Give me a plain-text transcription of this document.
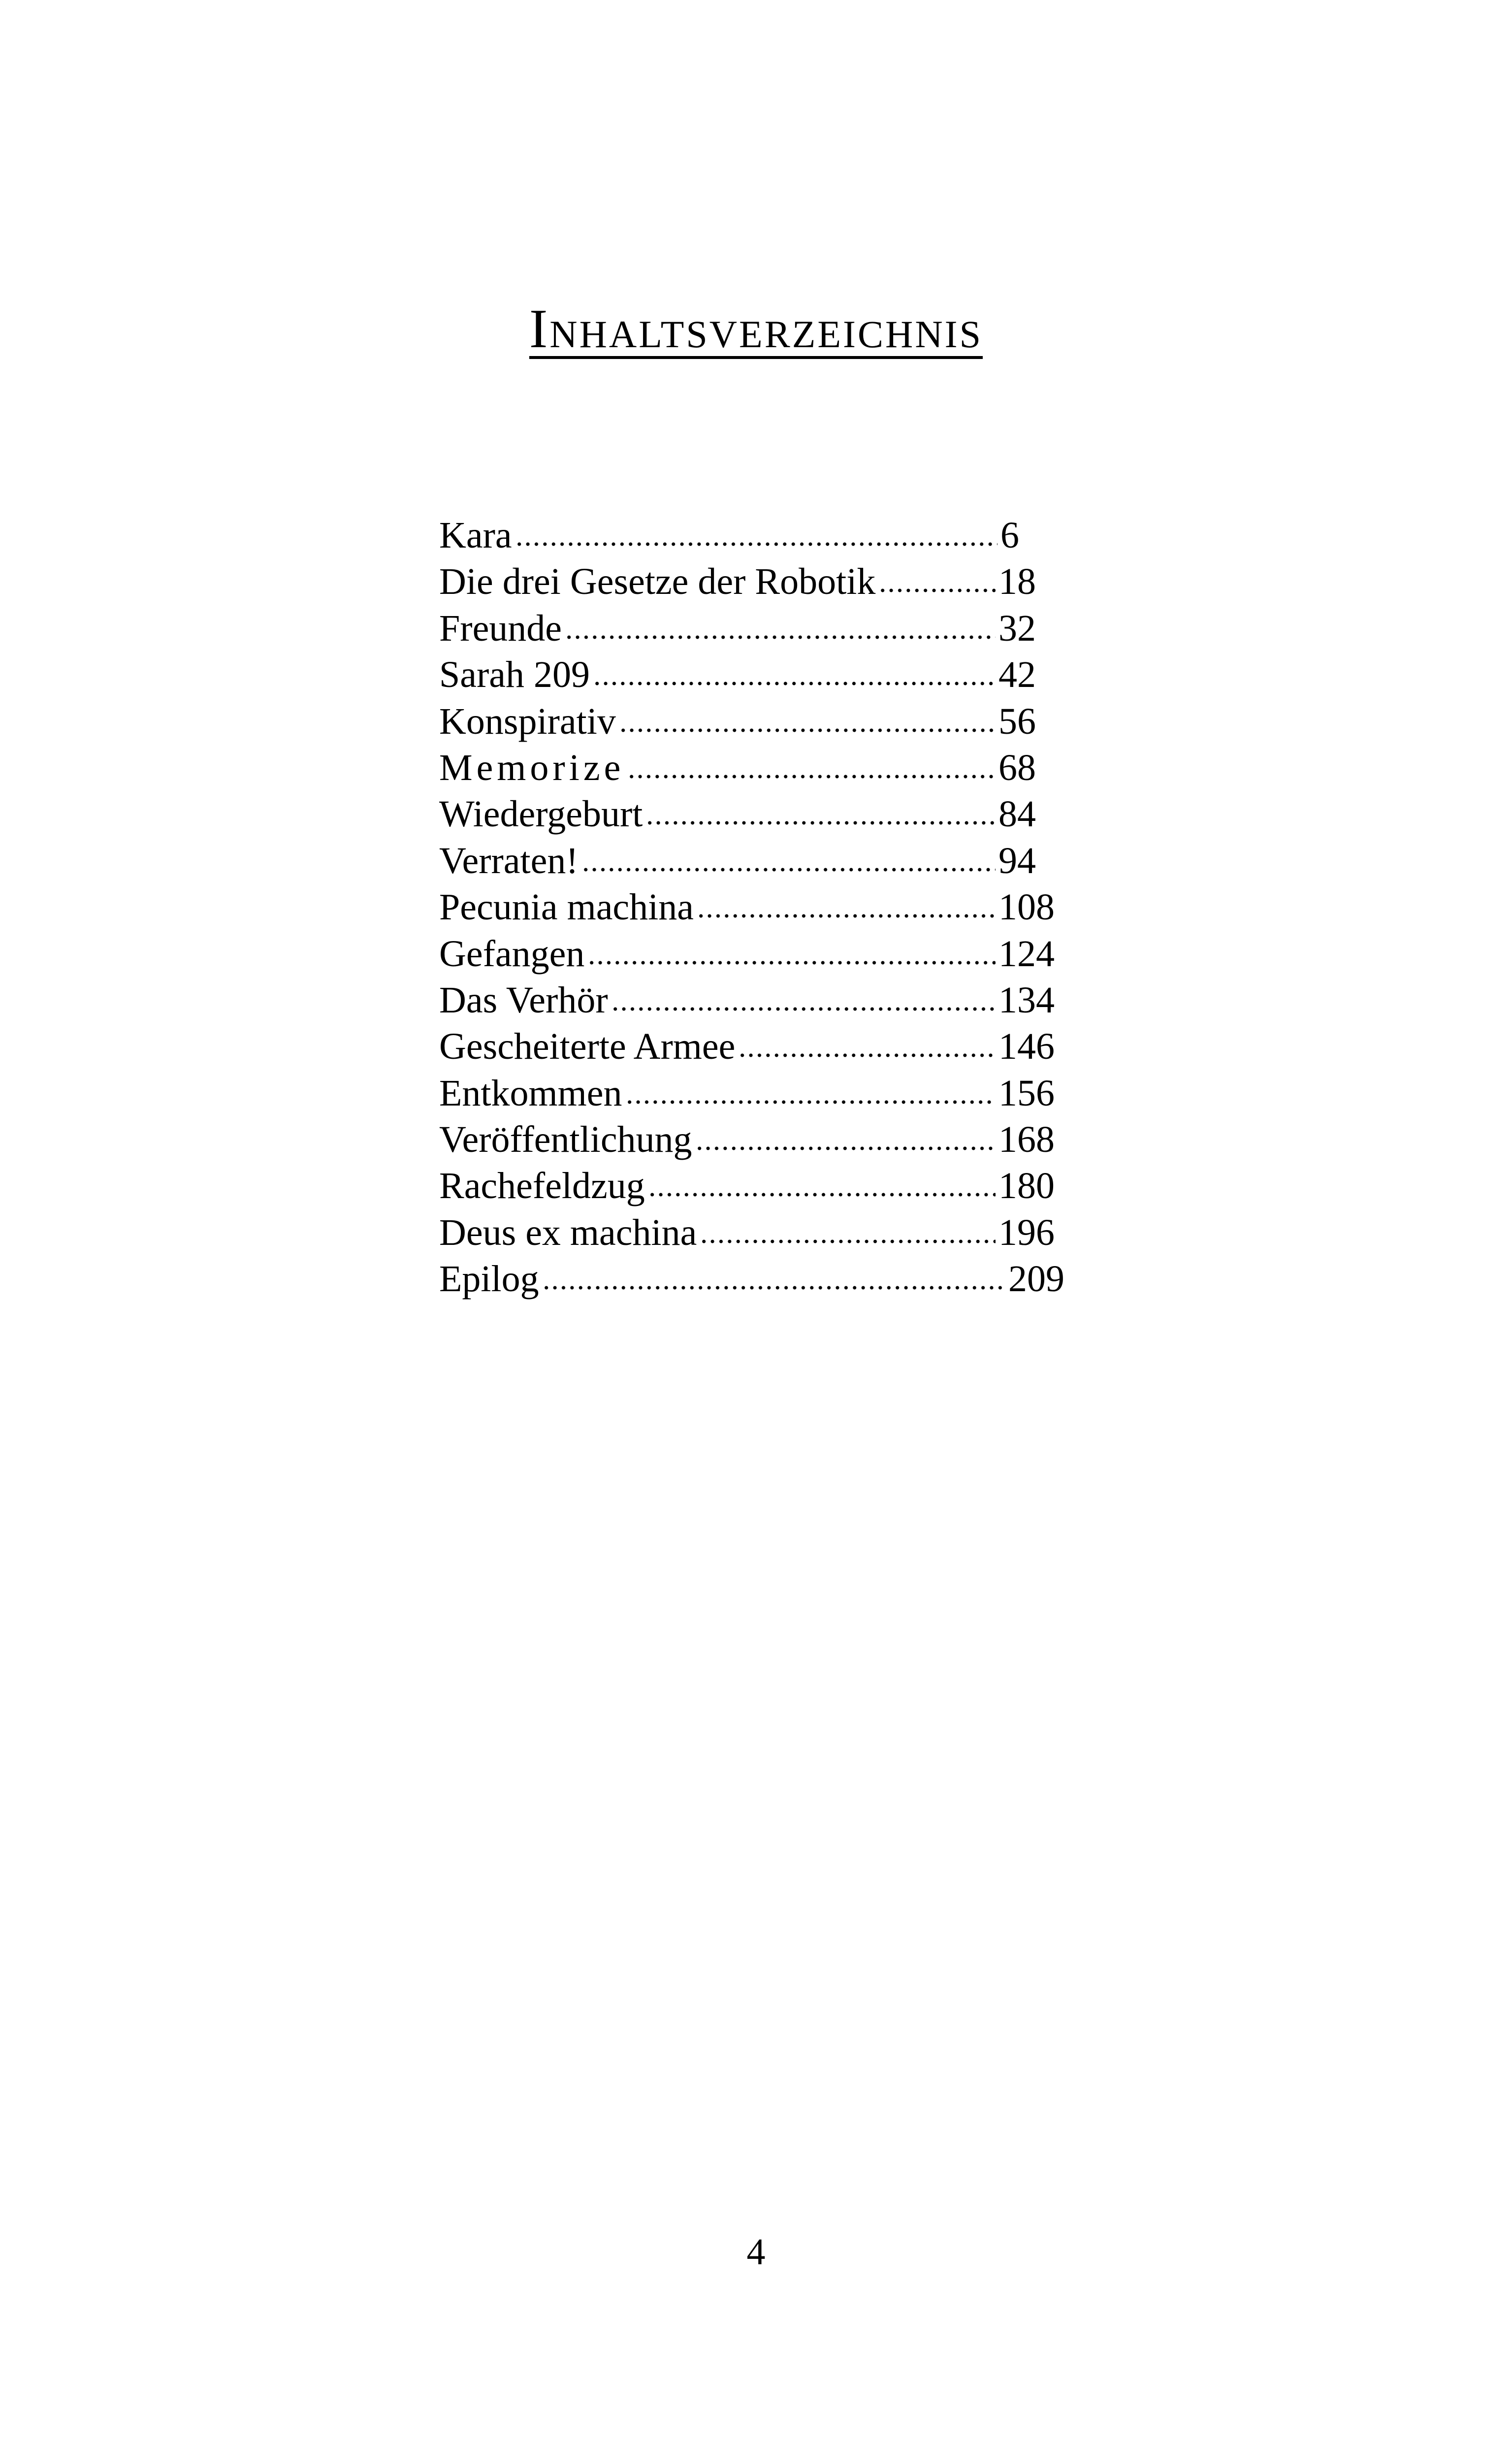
Inhaltsverzeichnis
Kara	6
Die drei Gesetze der Robotik	18
Freunde	32
Sarah 209	42
Konspirativ	56
Memorize	68
Wiedergeburt	84
Verraten!	94
Pecunia machina	108
Gefangen	124
Das Verhör	134
Gescheiterte Armee	146
Entkommen	156
Veröffentlichung	168
Rachefeldzug	180
Deus ex machina	196
Epilog	209
4
